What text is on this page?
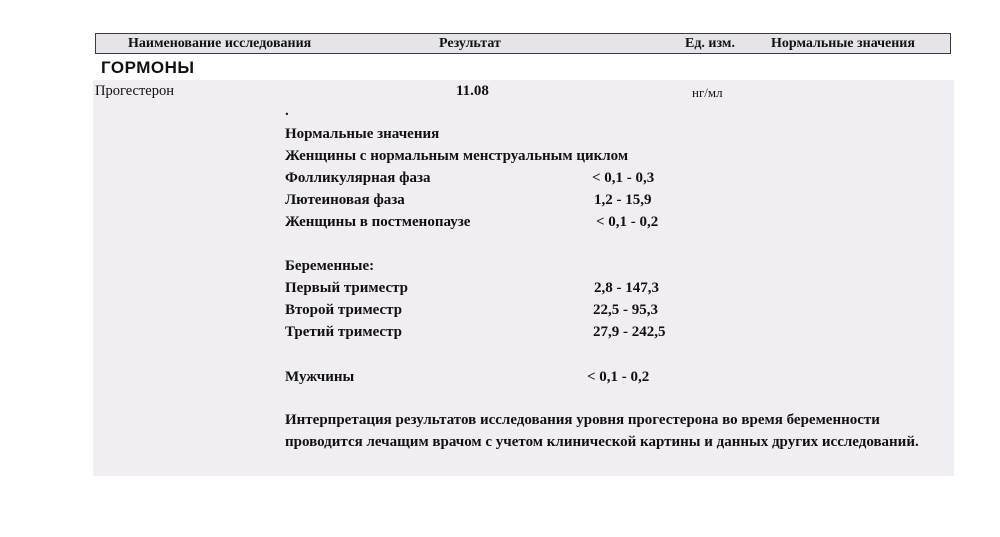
Наименование исследования	Результат	Ед. изм.	Нормальные значения
ГОРМОНЫ
Прогестерон	11.08	нг/мл
.
Нормальные значения
Женщины с нормальным менструальным циклом
Фолликулярная фаза	< 0,1 - 0,3
Лютеиновая фаза	1,2 - 15,9
Женщины в постменопаузе	< 0,1 - 0,2
Беременные:
Первый триместр	2,8 - 147,3
Второй триместр	22,5 - 95,3
Третий триместр	27,9 - 242,5
Мужчины	< 0,1 - 0,2
Интерпретация результатов исследования уровня прогестерона во время беременности проводится лечащим врачом с учетом клинической картины и данных других исследований.
